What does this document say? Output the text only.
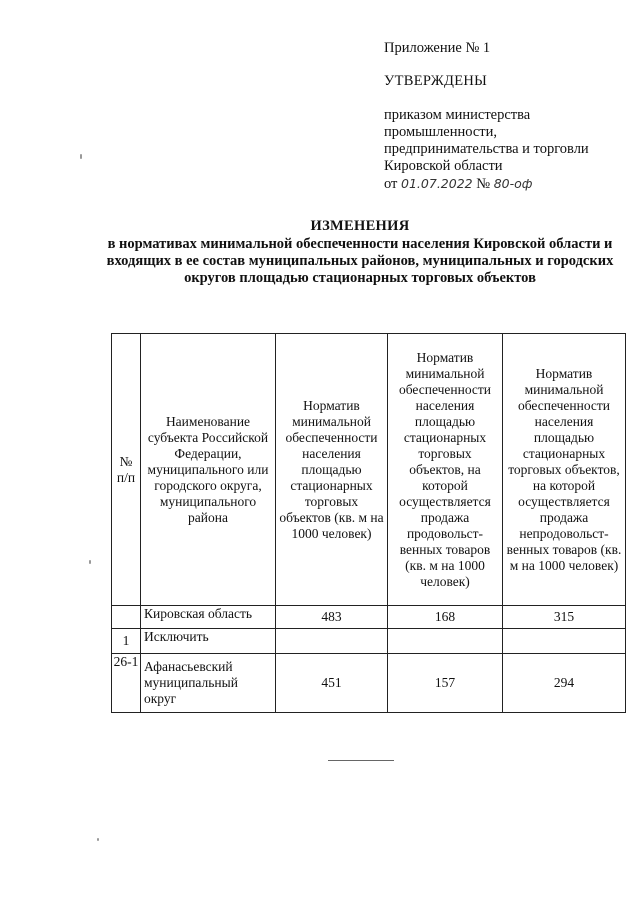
Приложение № 1
УТВЕРЖДЕНЫ
приказом министерства
промышленности,
предпринимательства и торговли
Кировской области
от 01.07.2022 № 80-оф
ИЗМЕНЕНИЯ
в нормативах минимальной обеспеченности населения Кировской области и входящих в ее состав муниципальных районов, муниципальных и городских округов площадью стационарных торговых объектов
№ п/п	Наименование субъекта Российской Федерации, муниципального или городского округа, муниципального района	Норматив минимальной обеспеченности населения площадью стационарных торговых объектов (кв. м на 1000 человек)	Норматив минимальной обеспеченности населения площадью стационарных торговых объектов, на которой осуществляется продажа продовольст-венных товаров (кв. м на 1000 человек)	Норматив минимальной обеспеченности населения площадью стационарных торговых объектов, на которой осуществляется продажа непродовольст-венных товаров (кв. м на 1000 человек)
	Кировская область	483	168	315
1	Исключить			
26-1	Афанасьевский муниципальный округ	451	157	294
